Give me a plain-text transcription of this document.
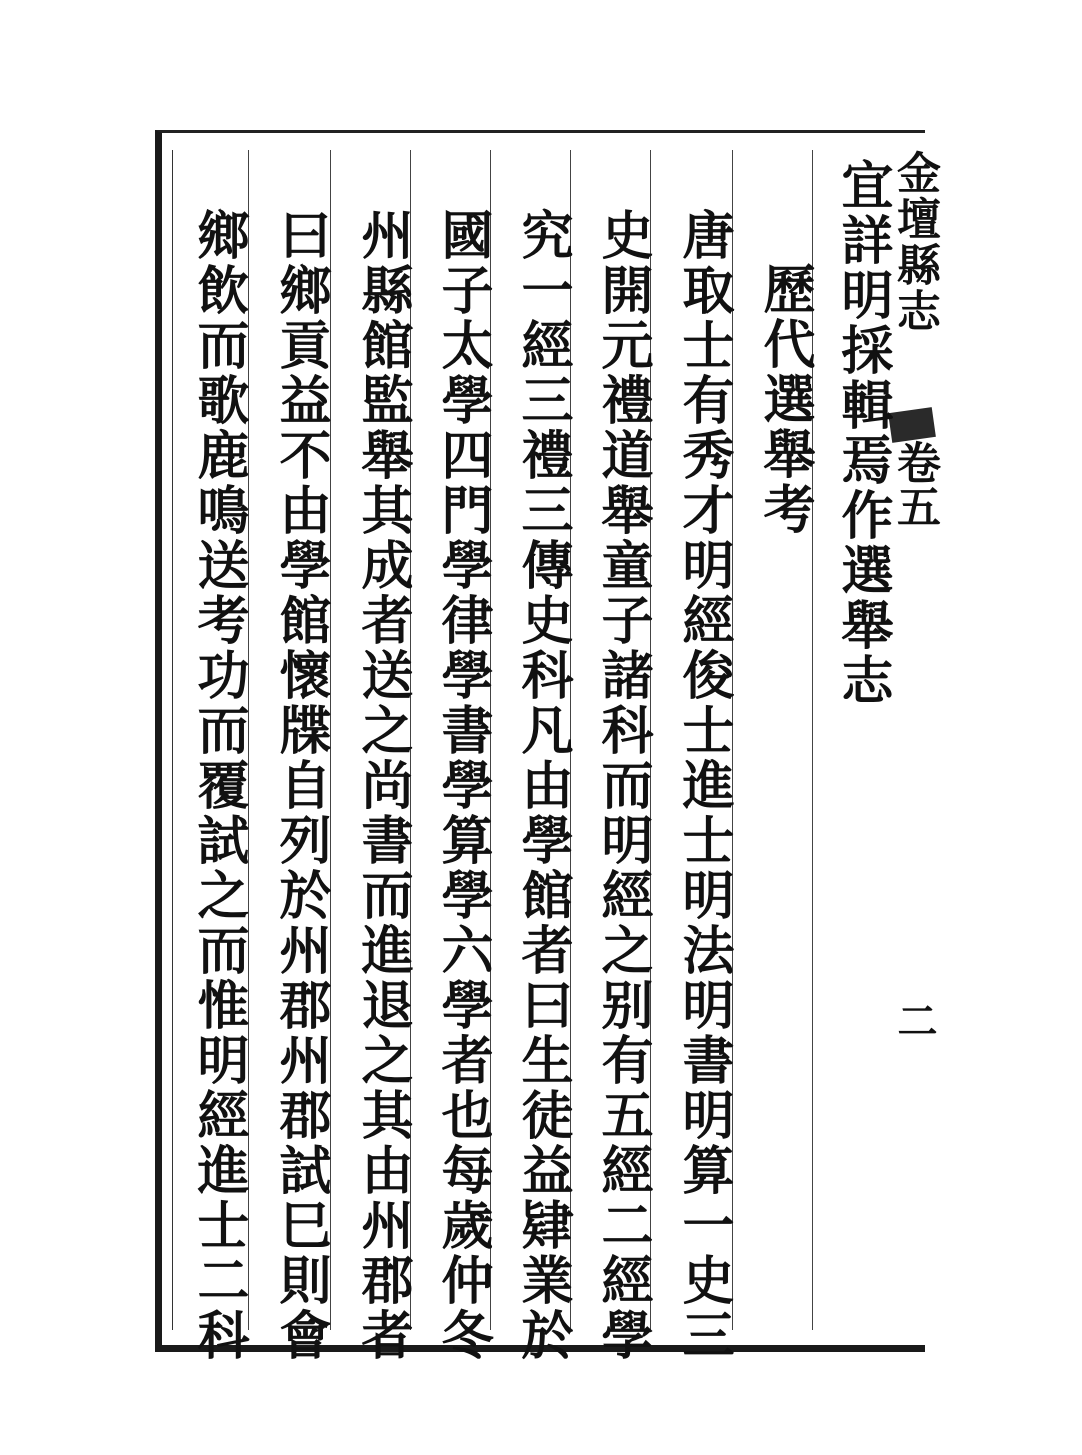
金壇縣志
卷五
二
宜詳明採輯焉作選舉志
歷代選舉考
唐取士有秀才明經俊士進士明法明書明算一史三
史開元禮道舉童子諸科而明經之别有五經二經學
究一經三禮三傳史科凡由學館者曰生徒益肄業於
國子太學四門學律學書學算學六學者也每歲仲冬
州縣館監舉其成者送之尚書而進退之其由州郡者
曰鄉貢益不由學館懷牒自列於州郡州郡試巳則會
鄉飲而歌鹿鳴送考功而覆試之而惟明經進士二科
